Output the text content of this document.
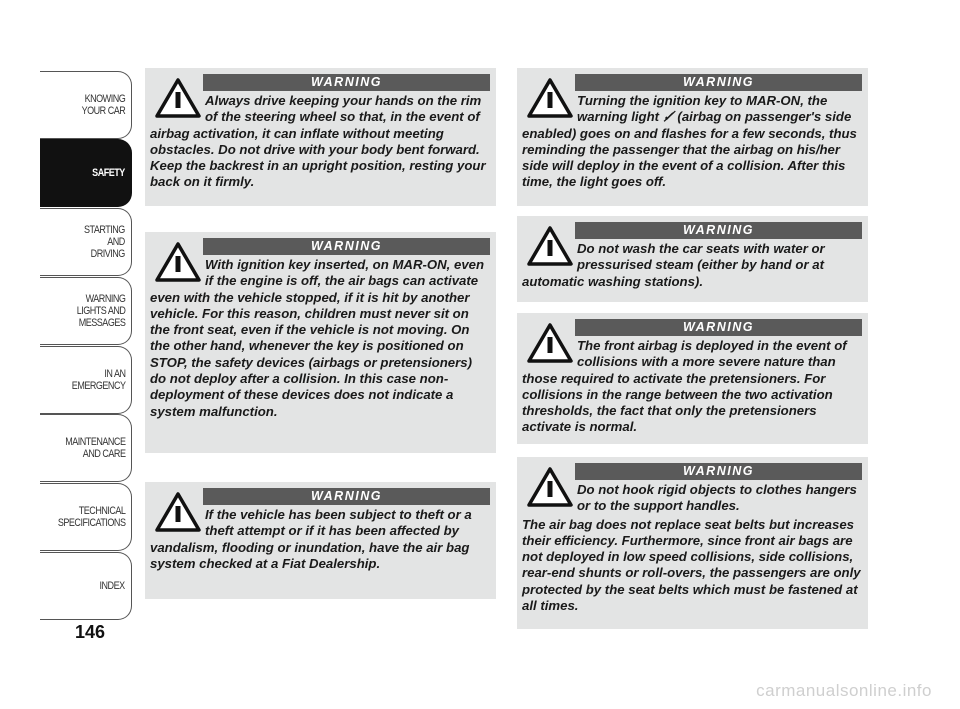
KNOWING
YOUR CAR
SAFETY
STARTING
AND
DRIVING
WARNING
LIGHTS AND
MESSAGES
IN AN
EMERGENCY
MAINTENANCE
AND CARE
TECHNICAL
SPECIFICATIONS
INDEX
146
WARNING

Always drive keeping your hands on the rim of the steering wheel so that, in the event of airbag activation, it can inflate without meeting obstacles. Do not drive with your body bent forward. Keep the backrest in an upright position, resting your back on it firmly.

WARNING

With ignition key inserted, on MAR-ON, even if the engine is off, the air bags can activate even with the vehicle stopped, if it is hit by another vehicle. For this reason, children must never sit on the front seat, even if the vehicle is not moving. On the other hand, whenever the key is positioned on STOP, the safety devices (airbags or pretensioners) do not deploy after a collision. In this case non-deployment of these devices does not indicate a system malfunction.

WARNING

If the vehicle has been subject to theft or a theft attempt or if it has been affected by vandalism, flooding or inundation, have the air bag system checked at a Fiat Dealership.

WARNING

Turning the ignition key to MAR-ON, the warning light ✓̸ (airbag on passenger's side enabled) goes on and flashes for a few seconds, thus reminding the passenger that the airbag on his/her side will deploy in the event of a collision. After this time, the light goes off.

WARNING

Do not wash the car seats with water or pressurised steam (either by hand or at automatic washing stations).

WARNING

The front airbag is deployed in the event of collisions with a more severe nature than those required to activate the pretensioners. For collisions in the range between the two activation thresholds, the fact that only the pretensioners activate is normal.

WARNING

Do not hook rigid objects to clothes hangers or to the support handles.

The air bag does not replace seat belts but increases their efficiency. Furthermore, since front air bags are not deployed in low speed collisions, side collisions, rear-end shunts or roll-overs, the passengers are only protected by the seat belts which must be fastened at all times.

carmanualsonline.info
